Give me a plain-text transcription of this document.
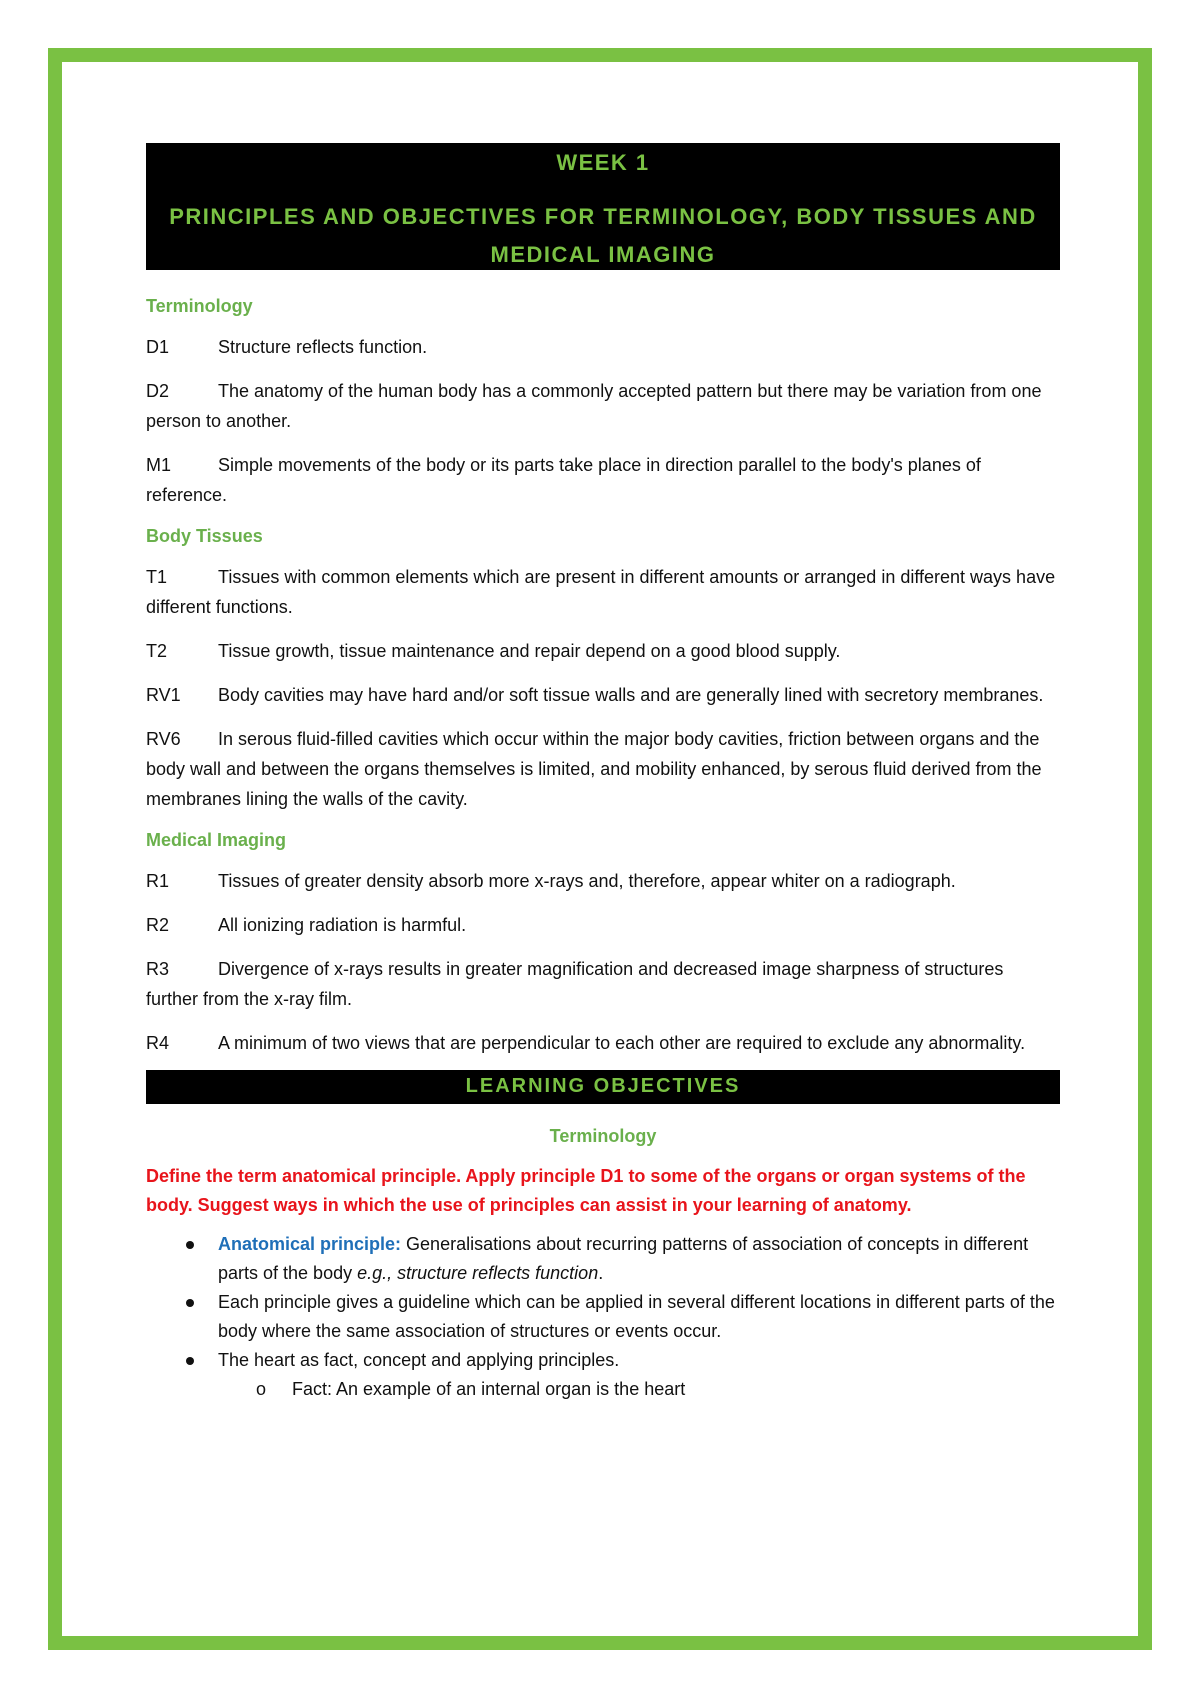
WEEK 1
PRINCIPLES AND OBJECTIVES FOR TERMINOLOGY, BODY TISSUES AND MEDICAL IMAGING

Terminology

D1	Structure reflects function.

D2	The anatomy of the human body has a commonly accepted pattern but there may be variation from one person to another.

M1	Simple movements of the body or its parts take place in direction parallel to the body's planes of reference.

Body Tissues

T1	Tissues with common elements which are present in different amounts or arranged in different ways have different functions.

T2	Tissue growth, tissue maintenance and repair depend on a good blood supply.

RV1 Body cavities may have hard and/or soft tissue walls and are generally lined with secretory membranes.

RV6 In serous fluid-filled cavities which occur within the major body cavities, friction between organs and the   body wall and between the organs themselves is limited, and mobility enhanced, by serous fluid derived from the membranes lining the walls of the cavity.

Medical Imaging

R1	Tissues of greater density absorb more x-rays and, therefore, appear whiter on a radiograph.

R2	All ionizing radiation is harmful.

R3	Divergence of x-rays results in greater magnification and decreased image sharpness of structures further from the x-ray film.

R4	A minimum of two views that are perpendicular to each other are required to exclude any abnormality.

LEARNING OBJECTIVES
Terminology

Define the term anatomical principle. Apply principle D1 to some of the organs or organ systems of the body. Suggest ways in which the use of principles can assist in your learning of anatomy.

Anatomical principle: Generalisations about recurring patterns of association of concepts in different parts of the body e.g., structure reflects function.
Each principle gives a guideline which can be applied in several different locations in different parts of the body where the same association of structures or events occur.
The heart as fact, concept and applying principles.
o Fact: An example of an internal organ is the heart
